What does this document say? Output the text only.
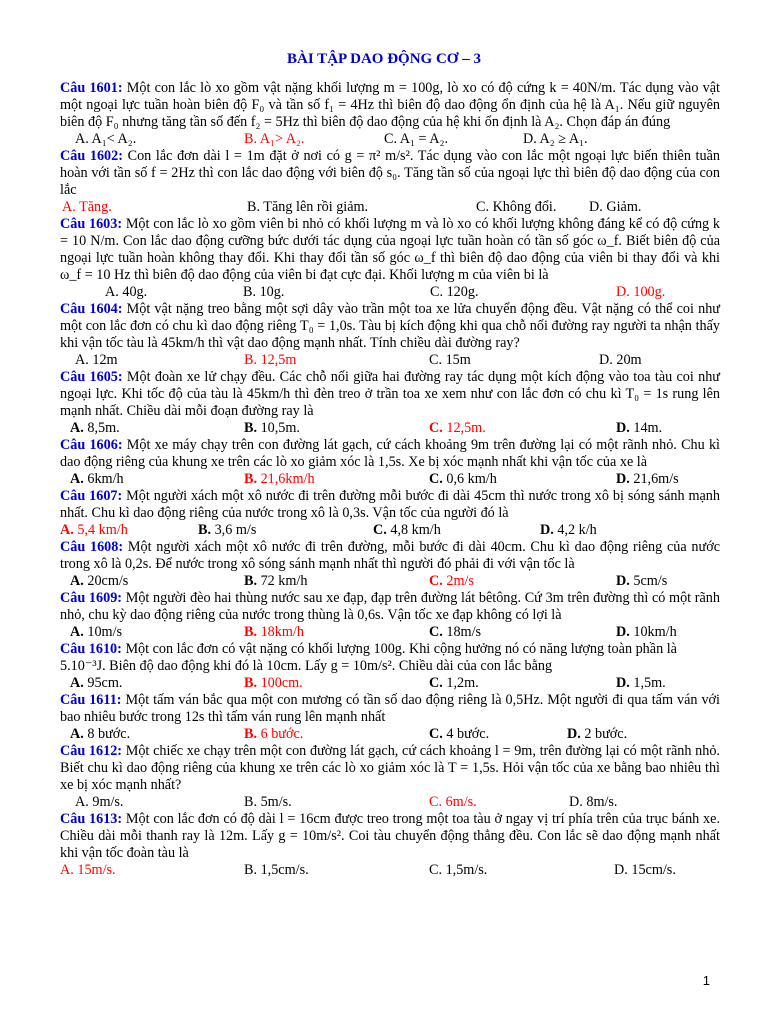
BÀI TẬP DAO ĐỘNG CƠ – 3

Câu 1601: Một con lắc lò xo gồm vật nặng khối lượng m = 100g, lò xo có độ cứng k = 40N/m. Tác dụng vào vật một ngoại lực tuần hoàn biên độ F₀ và tần số f₁ = 4Hz thì biên độ dao động ổn định của hệ là A₁. Nếu giữ nguyên biên độ F₀ nhưng tăng tần số đến f₂ = 5Hz thì biên độ dao động của hệ khi ổn định là A₂. Chọn đáp án đúng

A. A₁< A₂.	B. A₁> A₂.	C. A₁ = A₂.	D. A₂ ≥ A₁.

Câu 1602: Con lắc đơn dài l = 1m đặt ở nơi có g = π² m/s². Tác dụng vào con lắc một ngoại lực biến thiên tuần hoàn với tần số f = 2Hz thì con lắc dao động với biên độ s₀. Tăng tần số của ngoại lực thì biên độ dao động của con lắc

A. Tăng.	B. Tăng lên rồi giảm.	C. Không đổi. D. Giảm.

Câu 1603: Một con lắc lò xo gồm viên bi nhỏ có khối lượng m và lò xo có khối lượng không đáng kể có độ cứng k = 10 N/m. Con lắc dao động cưỡng bức dưới tác dụng của ngoại lực tuần hoàn có tần số góc ω_f. Biết biên độ của ngoại lực tuần hoàn không thay đổi. Khi thay đổi tần số góc ω_f thì biên độ dao động của viên bi thay đổi và khi ω_f = 10 Hz thì biên độ dao động của viên bi đạt cực đại. Khối lượng m của viên bi là

A. 40g.	B. 10g.	C. 120g.	D. 100g.

Câu 1604: Một vật nặng treo bằng một sợi dây vào trần một toa xe lửa chuyển động đều. Vật nặng có thể coi như một con lắc đơn có chu kì dao động riêng T₀ = 1,0s. Tàu bị kích động khi qua chỗ nối đường ray người ta nhận thấy khi vận tốc tàu là 45km/h thì vật dao động mạnh nhất. Tính chiều dài đường ray?

A. 12m	B. 12,5m	C. 15m	D. 20m

Câu 1605: Một đoàn xe lử chạy đều. Các chỗ nối giữa hai đường ray tác dụng một kích động vào toa tàu coi như ngoại lực. Khi tốc độ của tàu là 45km/h thì đèn treo ở trần toa xe xem như con lắc đơn có chu kì T₀ = 1s rung lên mạnh nhất. Chiều dài mỗi đoạn đường ray là

A. 8,5m.	B. 10,5m.	C. 12,5m.	D. 14m.

Câu 1606: Một xe máy chạy trên con đường lát gạch, cứ cách khoảng 9m trên đường lại có một rãnh nhỏ. Chu kì dao động riêng của khung xe trên các lò xo giảm xóc là 1,5s. Xe bị xóc mạnh nhất khi vận tốc của xe là

A. 6km/h	B. 21,6km/h	C. 0,6 km/h	D. 21,6m/s

Câu 1607: Một người xách một xô nước đi trên đường mỗi bước đi dài 45cm thì nước trong xô bị sóng sánh mạnh nhất. Chu kì dao động riêng của nước trong xô là 0,3s. Vận tốc của người đó là

A. 5,4 km/h	B. 3,6 m/s	C. 4,8 km/h	D. 4,2 k/h

Câu 1608: Một người xách một xô nước đi trên đường, mỗi bước đi dài 40cm. Chu kì dao động riêng của nước trong xô là 0,2s. Để nước trong xô sóng sánh mạnh nhất thì người đó phải đi với vận tốc là

A. 20cm/s	B. 72 km/h	C. 2m/s	D. 5cm/s

Câu 1609: Một người đèo hai thùng nước sau xe đạp, đạp trên đường lát bêtông. Cứ 3m trên đường thì có một rãnh nhỏ, chu kỳ dao động riêng của nước trong thùng là 0,6s. Vận tốc xe đạp không có lợi là

A. 10m/s	B. 18km/h	C. 18m/s	D. 10km/h

Câu 1610: Một con lắc đơn có vật nặng có khối lượng 100g. Khi cộng hưởng nó có năng lượng toàn phần là

5.10⁻³J. Biên độ dao động khi đó là 10cm. Lấy g = 10m/s². Chiều dài của con lắc bằng

A. 95cm.	B. 100cm.	C. 1,2m.	D. 1,5m.

Câu 1611: Một tấm ván bắc qua một con mương có tần số dao động riêng là 0,5Hz. Một người đi qua tấm ván với bao nhiêu bước trong 12s thì tấm ván rung lên mạnh nhất

A. 8 bước.	B. 6 bước.	C. 4 bước.	D. 2 bước.

Câu 1612: Một chiếc xe chạy trên một con đường lát gạch, cứ cách khoảng l = 9m, trên đường lại có một rãnh nhỏ. Biết chu kì dao động riêng của khung xe trên các lò xo giảm xóc là T = 1,5s. Hỏi vận tốc của xe bằng bao nhiêu thì xe bị xóc mạnh nhất?

A. 9m/s.	B. 5m/s.	C. 6m/s.	D. 8m/s.

Câu 1613: Một con lắc đơn có độ dài l = 16cm được treo trong một toa tàu ở ngay vị trí phía trên của trục bánh xe. Chiều dài mỗi thanh ray là 12m. Lấy g = 10m/s². Coi tàu chuyển động thẳng đều. Con lắc sẽ dao động mạnh nhất khi vận tốc đoàn tàu là

A. 15m/s.	B. 1,5cm/s.	C. 1,5m/s.	D. 15cm/s.
1
